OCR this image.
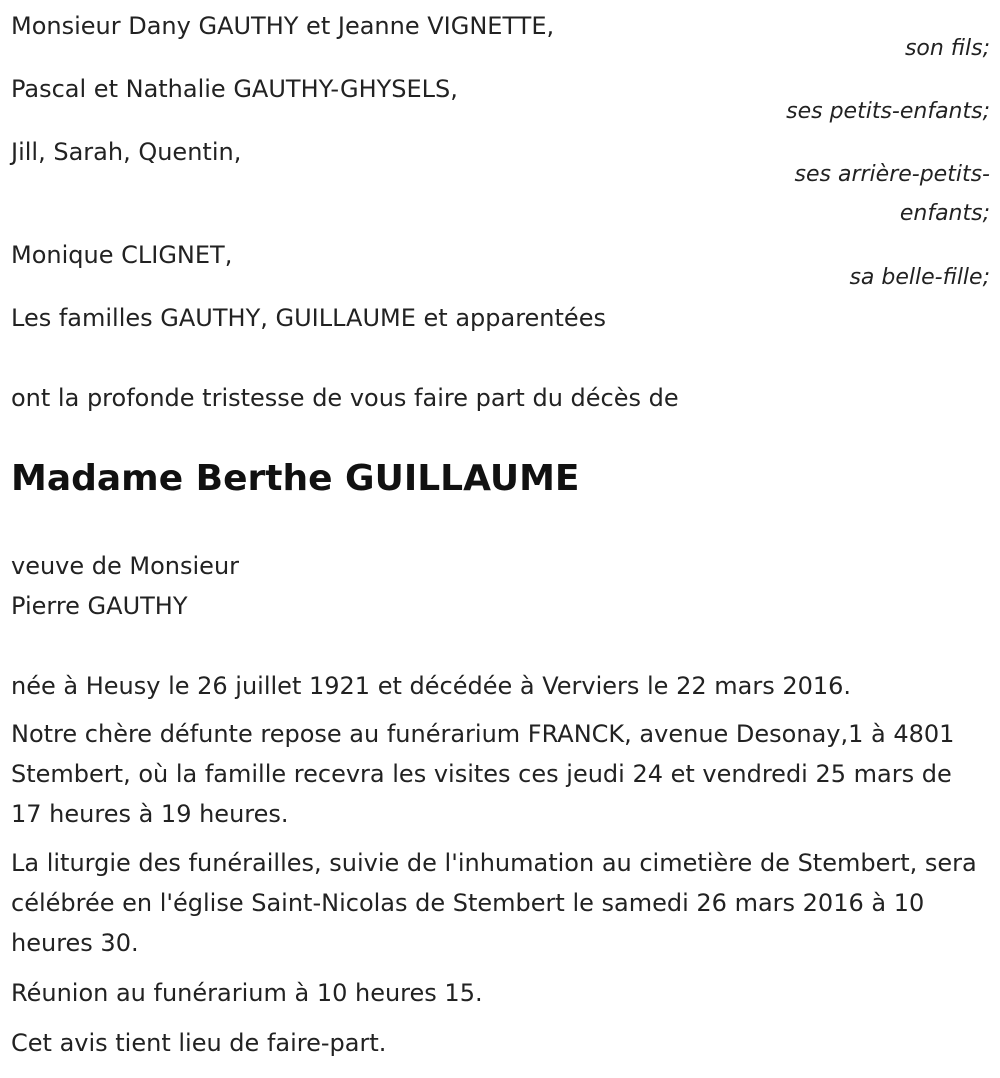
Monsieur Dany GAUTHY et Jeanne VIGNETTE,
son fils;
Pascal et Nathalie GAUTHY-GHYSELS,
ses petits-enfants;
Jill, Sarah, Quentin,
ses arrière-petits-
enfants;
Monique CLIGNET,
sa belle-fille;
Les familles GAUTHY, GUILLAUME et apparentées
ont la profonde tristesse de vous faire part du décès de
Madame Berthe GUILLAUME
veuve de Monsieur
Pierre GAUTHY
née à Heusy le 26 juillet 1921 et décédée à Verviers le 22 mars 2016.
Notre chère défunte repose au funérarium FRANCK, avenue Desonay,1 à 4801 Stembert, où la famille recevra les visites ces jeudi 24 et vendredi 25 mars de 17 heures à 19 heures.
La liturgie des funérailles, suivie de l'inhumation au cimetière de Stembert, sera célébrée en l'église Saint-Nicolas de Stembert le samedi 26 mars 2016 à 10 heures 30.
Réunion au funérarium à 10 heures 15.
Cet avis tient lieu de faire-part.
